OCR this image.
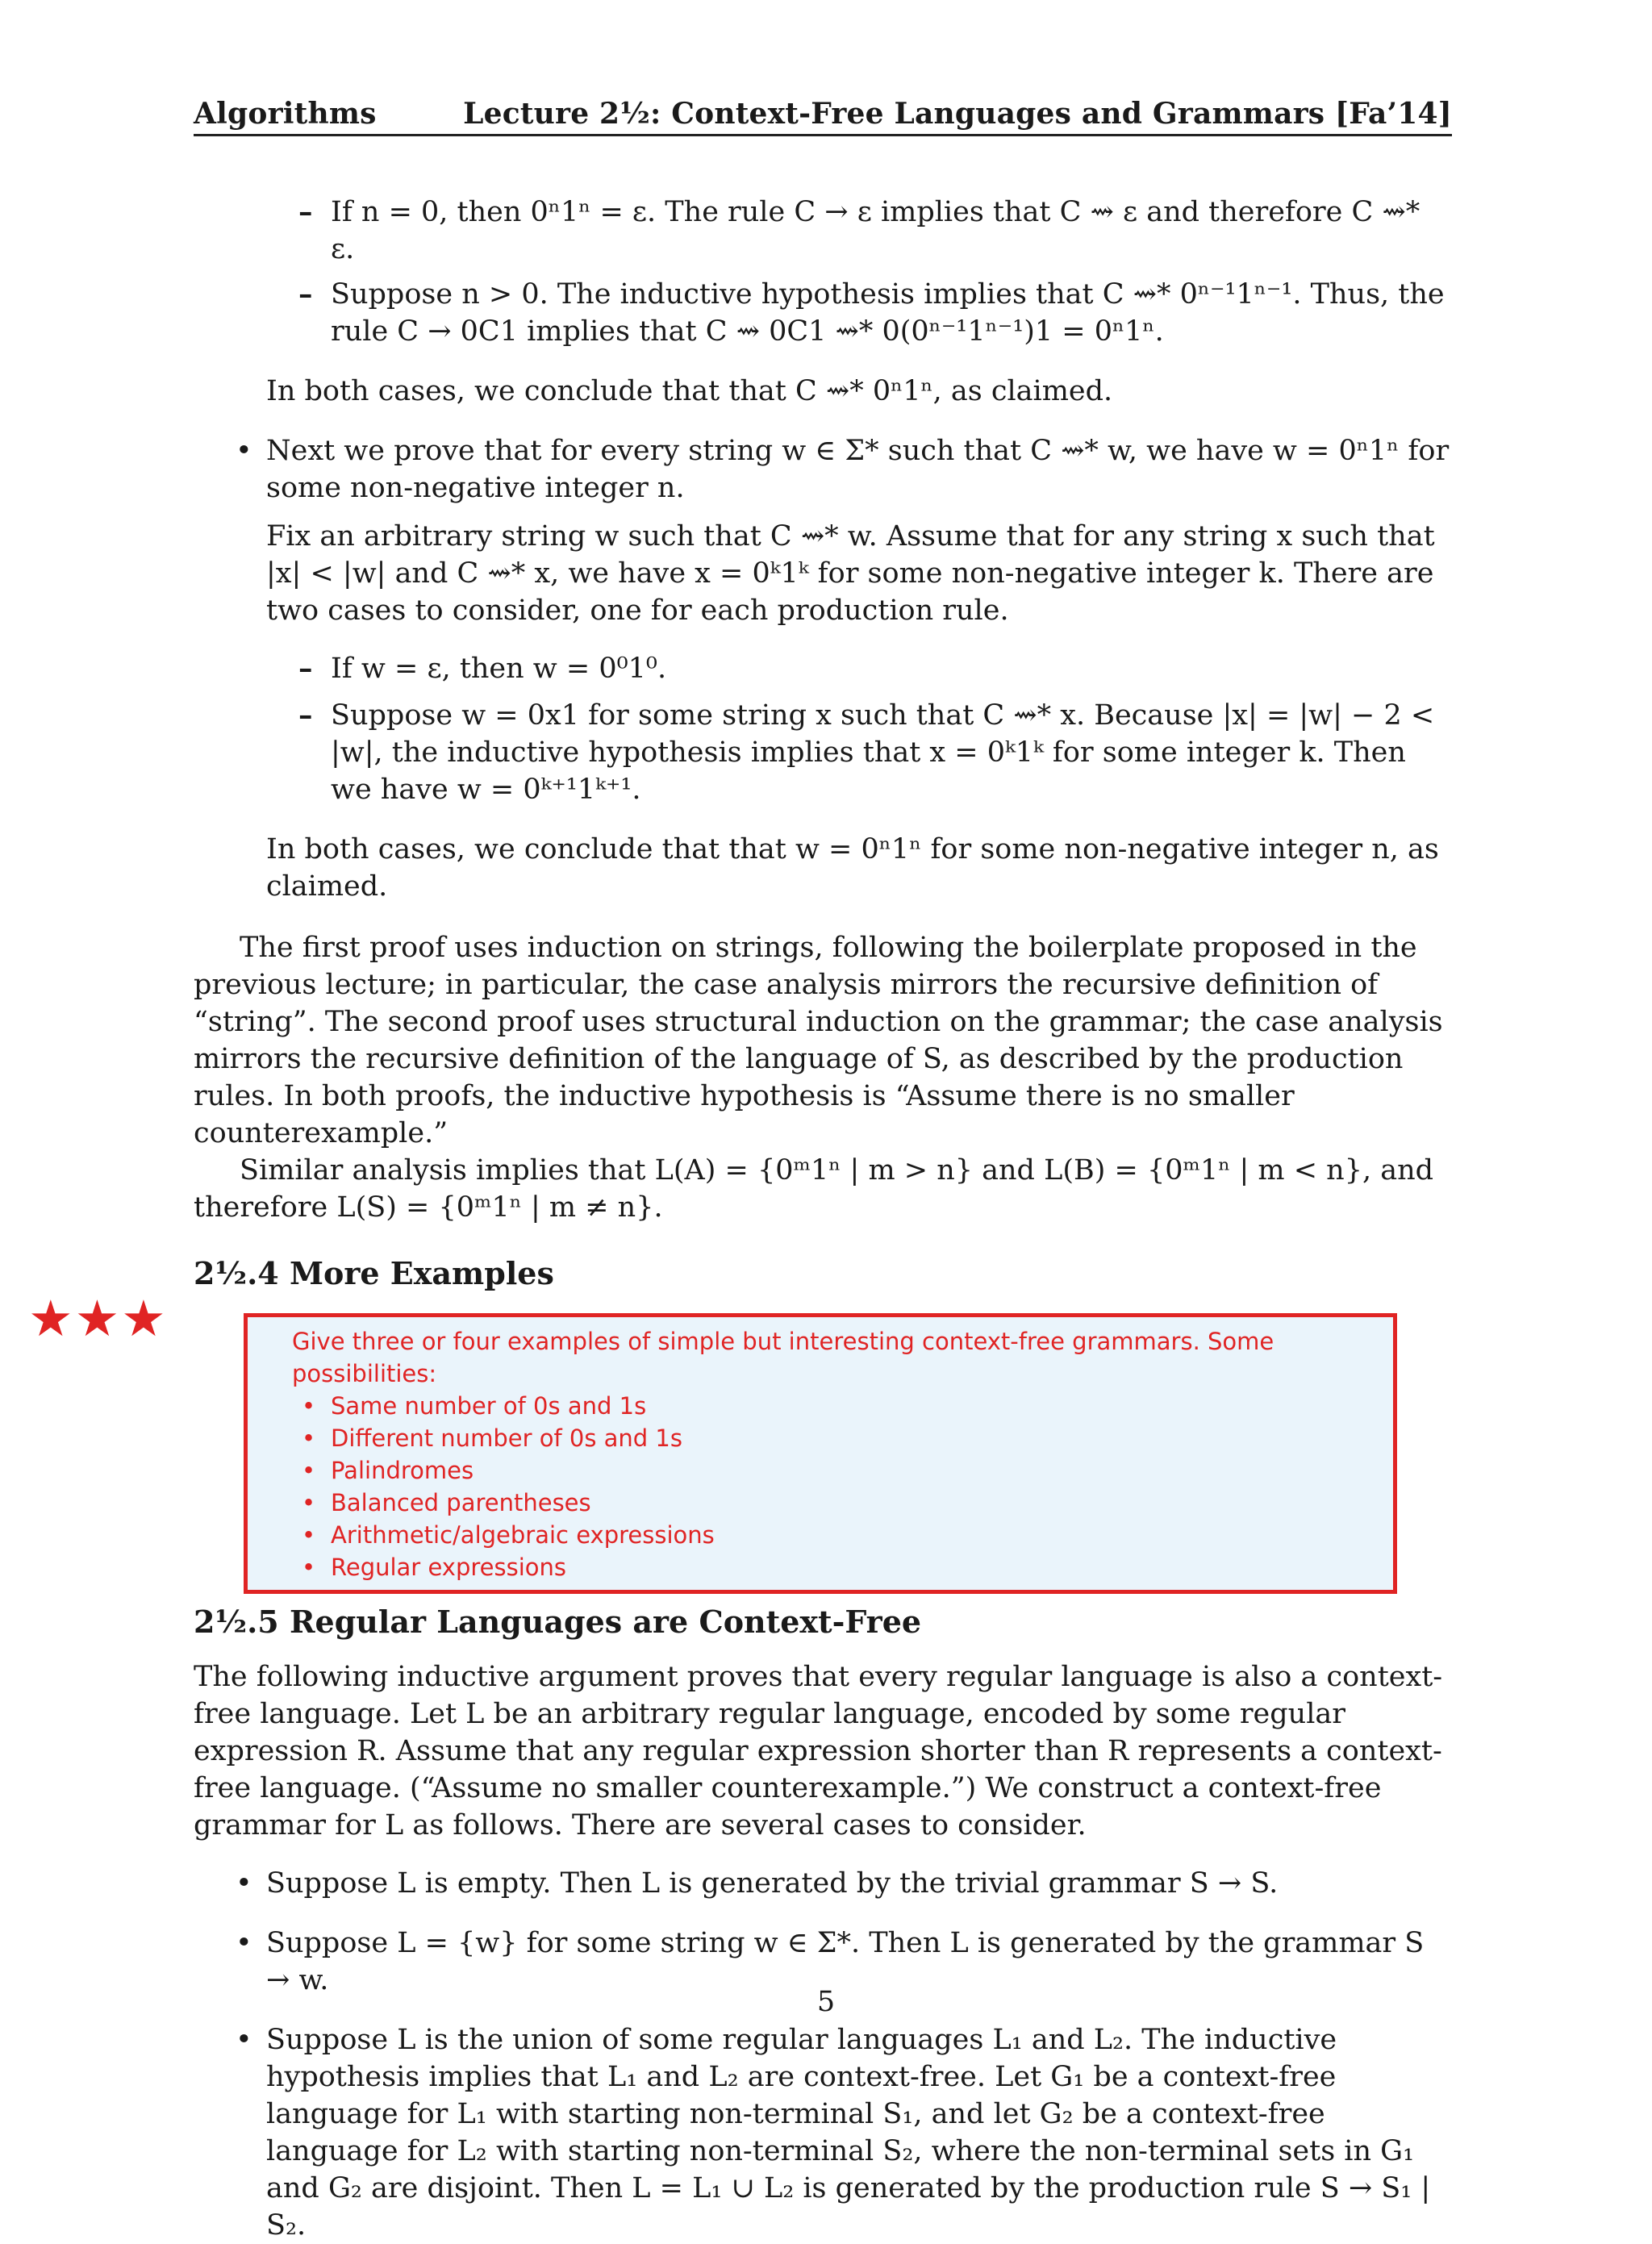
Algorithms	Lecture 2½: Context-Free Languages and Grammars [Fa’14]
– If n = 0, then 0ⁿ1ⁿ = ε. The rule C → ε implies that C ⇝ ε and therefore C ⇝* ε.

– Suppose n > 0. The inductive hypothesis implies that C ⇝* 0ⁿ⁻¹1ⁿ⁻¹. Thus, the rule C → 0C1 implies that C ⇝ 0C1 ⇝* 0(0ⁿ⁻¹1ⁿ⁻¹)1 = 0ⁿ1ⁿ.

In both cases, we conclude that that C ⇝* 0ⁿ1ⁿ, as claimed.

• Next we prove that for every string w ∈ Σ* such that C ⇝* w, we have w = 0ⁿ1ⁿ for some non-negative integer n.

Fix an arbitrary string w such that C ⇝* w. Assume that for any string x such that |x| < |w| and C ⇝* x, we have x = 0ᵏ1ᵏ for some non-negative integer k. There are two cases to consider, one for each production rule.

– If w = ε, then w = 0⁰1⁰.

– Suppose w = 0x1 for some string x such that C ⇝* x. Because |x| = |w| − 2 < |w|, the inductive hypothesis implies that x = 0ᵏ1ᵏ for some integer k. Then we have w = 0ᵏ⁺¹1ᵏ⁺¹.

In both cases, we conclude that that w = 0ⁿ1ⁿ for some non-negative integer n, as claimed.

The first proof uses induction on strings, following the boilerplate proposed in the previous lecture; in particular, the case analysis mirrors the recursive definition of “string”. The second proof uses structural induction on the grammar; the case analysis mirrors the recursive definition of the language of S, as described by the production rules. In both proofs, the inductive hypothesis is “Assume there is no smaller counterexample.”

Similar analysis implies that L(A) = {0ᵐ1ⁿ | m > n} and L(B) = {0ᵐ1ⁿ | m < n}, and therefore L(S) = {0ᵐ1ⁿ | m ≠ n}.

2½.4 More Examples

Give three or four examples of simple but interesting context-free grammars. Some possibilities:

• Same number of 0s and 1s
• Different number of 0s and 1s
• Palindromes
• Balanced parentheses
• Arithmetic/algebraic expressions
• Regular expressions

2½.5 Regular Languages are Context-Free

The following inductive argument proves that every regular language is also a context-free language. Let L be an arbitrary regular language, encoded by some regular expression R. Assume that any regular expression shorter than R represents a context-free language. (“Assume no smaller counterexample.”) We construct a context-free grammar for L as follows. There are several cases to consider.

• Suppose L is empty. Then L is generated by the trivial grammar S → S.

• Suppose L = {w} for some string w ∈ Σ*. Then L is generated by the grammar S → w.

• Suppose L is the union of some regular languages L₁ and L₂. The inductive hypothesis implies that L₁ and L₂ are context-free. Let G₁ be a context-free language for L₁ with starting non-terminal S₁, and let G₂ be a context-free language for L₂ with starting non-terminal S₂, where the non-terminal sets in G₁ and G₂ are disjoint. Then L = L₁ ∪ L₂ is generated by the production rule S → S₁ | S₂.

★★★
5
